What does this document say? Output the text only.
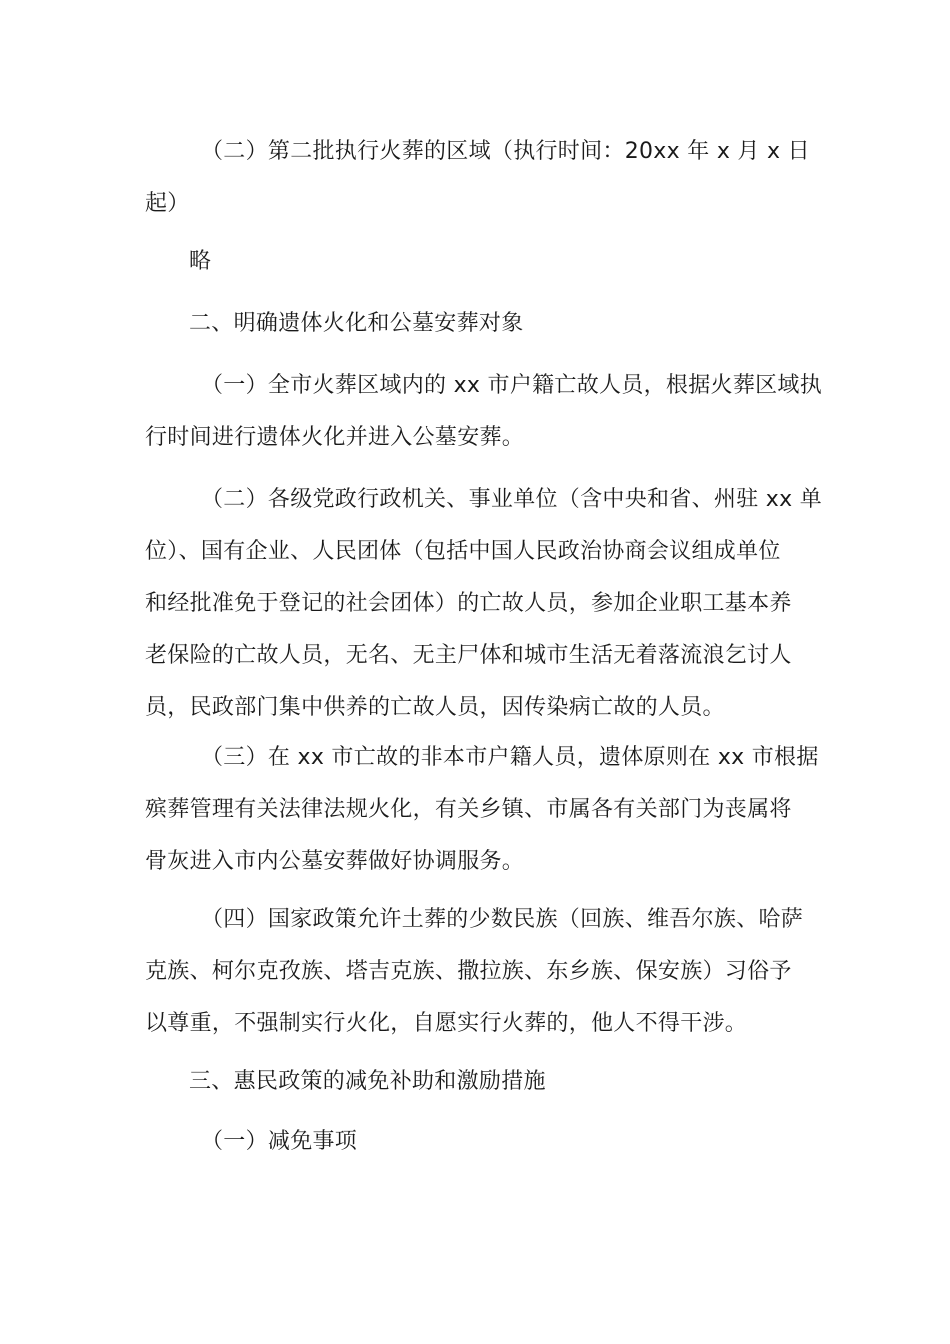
（二）第二批执行火葬的区域（执行时间：20xx 年 x 月 x 日
起）
略
二、明确遗体火化和公墓安葬对象
（一）全市火葬区域内的 xx 市户籍亡故人员，根据火葬区域执
行时间进行遗体火化并进入公墓安葬。
（二）各级党政行政机关、事业单位（含中央和省、州驻 xx 单
位）、国有企业、人民团体（包括中国人民政治协商会议组成单位
和经批准免于登记的社会团体）的亡故人员，参加企业职工基本养
老保险的亡故人员，无名、无主尸体和城市生活无着落流浪乞讨人
员，民政部门集中供养的亡故人员，因传染病亡故的人员。
（三）在 xx 市亡故的非本市户籍人员，遗体原则在 xx 市根据
殡葬管理有关法律法规火化，有关乡镇、市属各有关部门为丧属将
骨灰进入市内公墓安葬做好协调服务。
（四）国家政策允许土葬的少数民族（回族、维吾尔族、哈萨
克族、柯尔克孜族、塔吉克族、撒拉族、东乡族、保安族）习俗予
以尊重，不强制实行火化，自愿实行火葬的，他人不得干涉。
三、惠民政策的减免补助和激励措施
（一）减免事项
